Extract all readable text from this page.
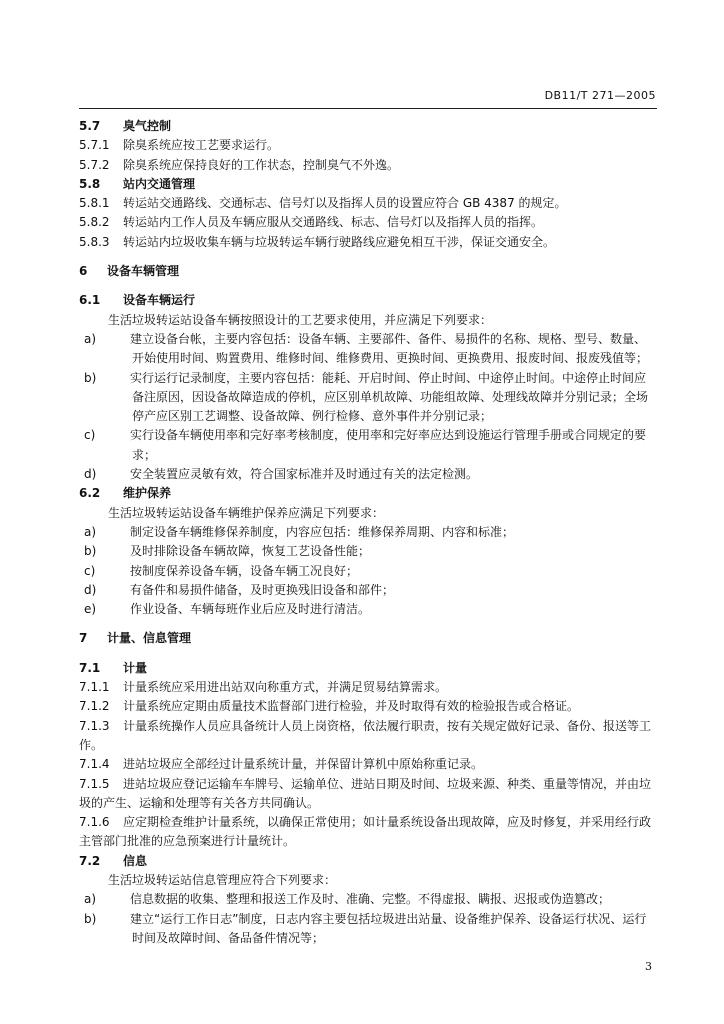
DB11/T 271—2005

5.7 臭气控制

5.7.1 除臭系统应按工艺要求运行。

5.7.2 除臭系统应保持良好的工作状态，控制臭气不外逸。

5.8 站内交通管理

5.8.1 转运站交通路线、交通标志、信号灯以及指挥人员的设置应符合 GB 4387 的规定。

5.8.2 转运站内工作人员及车辆应服从交通路线、标志、信号灯以及指挥人员的指挥。

5.8.3 转运站内垃圾收集车辆与垃圾转运车辆行驶路线应避免相互干涉，保证交通安全。

6  设备车辆管理

6.1 设备车辆运行

生活垃圾转运站设备车辆按照设计的工艺要求使用，并应满足下列要求：

a)	建立设备台帐，主要内容包括：设备车辆、主要部件、备件、易损件的名称、规格、型号、数量、开始使用时间、购置费用、维修时间、维修费用、更换时间、更换费用、报废时间、报废残值等；

b)	实行运行记录制度，主要内容包括：能耗、开启时间、停止时间、中途停止时间。中途停止时间应备注原因，因设备故障造成的停机，应区别单机故障、功能组故障、处理线故障并分别记录；全场停产应区别工艺调整、设备故障、例行检修、意外事件并分别记录；

c)	实行设备车辆使用率和完好率考核制度，使用率和完好率应达到设施运行管理手册或合同规定的要求；

d)	安全装置应灵敏有效，符合国家标准并及时通过有关的法定检测。

6.2 维护保养

生活垃圾转运站设备车辆维护保养应满足下列要求：

a)	制定设备车辆维修保养制度，内容应包括：维修保养周期、内容和标准；

b)	及时排除设备车辆故障，恢复工艺设备性能；

c)	按制度保养设备车辆，设备车辆工况良好；

d)	有备件和易损件储备，及时更换残旧设备和部件；

e)	作业设备、车辆每班作业后应及时进行清洁。

7  计量、信息管理

7.1 计量

7.1.1 计量系统应采用进出站双向称重方式，并满足贸易结算需求。

7.1.2 计量系统应定期由质量技术监督部门进行检验，并及时取得有效的检验报告或合格证。

7.1.3 计量系统操作人员应具备统计人员上岗资格，依法履行职责，按有关规定做好记录、备份、报送等工作。

7.1.4 进站垃圾应全部经过计量系统计量，并保留计算机中原始称重记录。

7.1.5 进站垃圾应登记运输车车牌号、运输单位、进站日期及时间、垃圾来源、种类、重量等情况，并由垃圾的产生、运输和处理等有关各方共同确认。

7.1.6 应定期检查维护计量系统，以确保正常使用；如计量系统设备出现故障，应及时修复，并采用经行政主管部门批准的应急预案进行计量统计。

7.2 信息

生活垃圾转运站信息管理应符合下列要求：

a)	信息数据的收集、整理和报送工作及时、准确、完整。不得虚报、瞒报、迟报或伪造篡改；

b)	建立“运行工作日志”制度，日志内容主要包括垃圾进出站量、设备维护保养、设备运行状况、运行时间及故障时间、备品备件情况等；

3
